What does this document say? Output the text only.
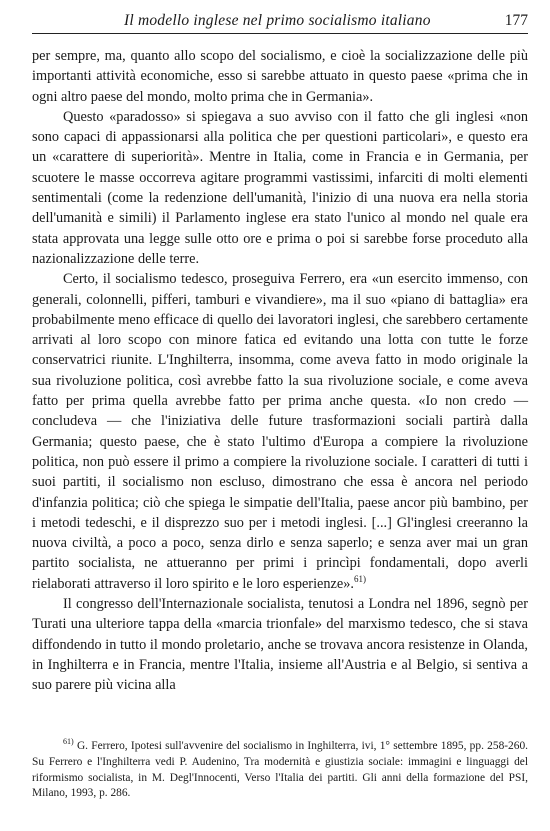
Il modello inglese nel primo socialismo italiano	177

per sempre, ma, quanto allo scopo del socialismo, e cioè la socializzazione delle più importanti attività economiche, esso si sarebbe attuato in questo paese «prima che in ogni altro paese del mondo, molto prima che in Germania».

Questo «paradosso» si spiegava a suo avviso con il fatto che gli inglesi «non sono capaci di appassionarsi alla politica che per questioni particolari», e questo era un «carattere di superiorità». Mentre in Italia, come in Francia e in Germania, per scuotere le masse occorreva agitare programmi vastissimi, infarciti di molti elementi sentimentali (come la redenzione dell'umanità, l'inizio di una nuova era nella storia dell'umanità e simili) il Parlamento inglese era stato l'unico al mondo nel quale era stata approvata una legge sulle otto ore e prima o poi si sarebbe forse proceduto alla nazionalizzazione delle terre.

Certo, il socialismo tedesco, proseguiva Ferrero, era «un esercito immenso, con generali, colonnelli, pifferi, tamburi e vivandiere», ma il suo «piano di battaglia» era probabilmente meno efficace di quello dei lavoratori inglesi, che sarebbero certamente arrivati al loro scopo con minore fatica ed evitando una lotta con tutte le forze conservatrici riunite. L'Inghilterra, insomma, come aveva fatto in modo originale la sua rivoluzione politica, così avrebbe fatto la sua rivoluzione sociale, e come aveva fatto per prima quella avrebbe fatto per prima anche questa. «Io non credo — concludeva — che l'iniziativa delle future trasformazioni sociali partirà dalla Germania; questo paese, che è stato l'ultimo d'Europa a compiere la rivoluzione politica, non può essere il primo a compiere la rivoluzione sociale. I caratteri di tutti i suoi partiti, il socialismo non escluso, dimostrano che essa è ancora nel periodo d'infanzia politica; ciò che spiega le simpatie dell'Italia, paese ancor più bambino, per i metodi tedeschi, e il disprezzo suo per i metodi inglesi. [...] Gl'inglesi creeranno la nuova civiltà, a poco a poco, senza dirlo e senza saperlo; e senza aver mai un gran partito socialista, ne attueranno per primi i princìpi fondamentali, dopo averli rielaborati attraverso il loro spirito e le loro esperienze».$^{61)}$

Il congresso dell'Internazionale socialista, tenutosi a Londra nel 1896, segnò per Turati una ulteriore tappa della «marcia trionfale» del marxismo tedesco, che si stava diffondendo in tutto il mondo proletario, anche se trovava ancora resistenze in Olanda, in Inghilterra e in Francia, mentre l'Italia, insieme all'Austria e al Belgio, si sentiva a suo parere più vicina alla

$^{61)}$ G. Ferrero, Ipotesi sull'avvenire del socialismo in Inghilterra, ivi, 1° settembre 1895, pp. 258-260. Su Ferrero e l'Inghilterra vedi P. Audenino, Tra modernità e giustizia sociale: immagini e linguaggi del riformismo socialista, in M. Degl'Innocenti, Verso l'Italia dei partiti. Gli anni della formazione del PSI, Milano, 1993, p. 286.
